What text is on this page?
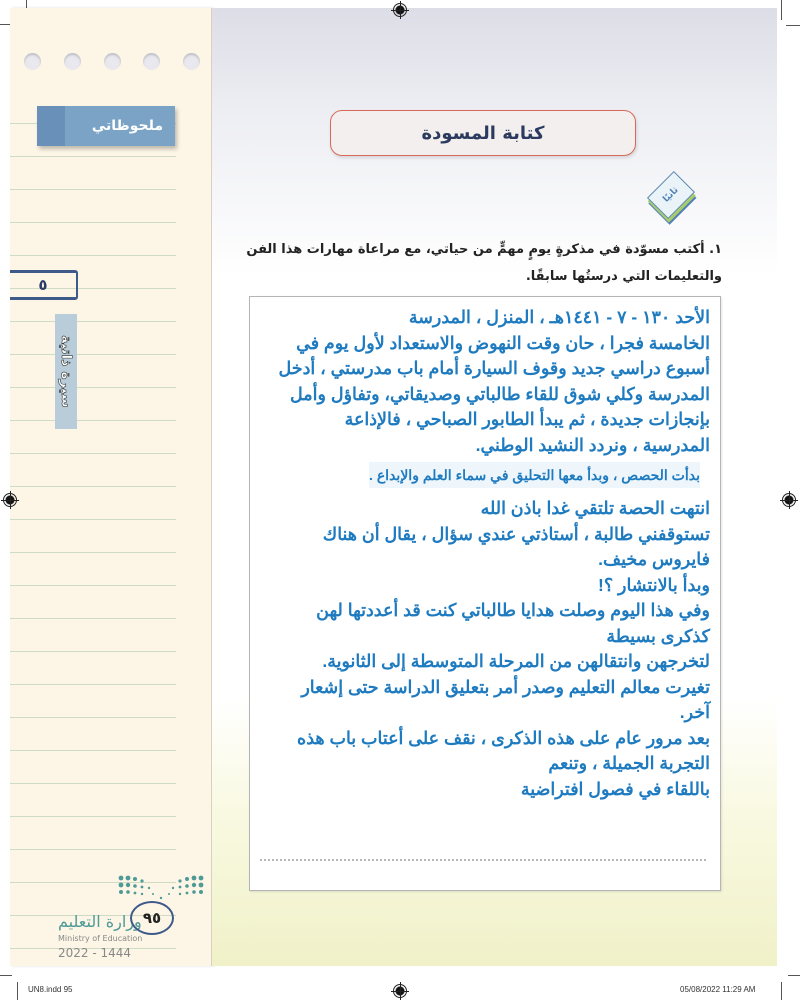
ملحوظاتي
٥
سيرة ذاتية
وزارة التعليم
Ministry of Education
2022 - 1444
٩٥
كتابة المسودة
ثانيًا
١. أكتب مسوّدة في مذكرةٍ يومٍ مهمٍّ من حياتي، مع مراعاة مهارات هذا الفن والتعليمات التي درستُها سابقًا.
الأحد ١٣٠ - ٧ - ١٤٤١هـ ، المنزل ، المدرسة
الخامسة فجرا ، حان وقت النهوض والاستعداد لأول يوم في
أسبوع دراسي جديد وقوف السيارة أمام باب مدرستي ، أدخل
المدرسة وكلي شوق للقاء طالباتي وصديقاتي، وتفاؤل وأمل
بإنجازات جديدة ، ثم يبدأ الطابور الصباحي ، فالإذاعة
المدرسية ، ونردد النشيد الوطني.
بدأت الحصص ، وبدأ معها التحليق في سماء العلم والإبداع .
انتهت الحصة تلتقي غدا باذن الله
تستوقفني طالبة ، أستاذتي عندي سؤال ، يقال أن هناك
فايروس مخيف.
وبدأ بالانتشار ؟!
وفي هذا اليوم وصلت هدايا طالباتي كنت قد أعددتها لهن
كذكرى بسيطة
لتخرجهن وانتقالهن من المرحلة المتوسطة إلى الثانوية.
تغيرت معالم التعليم وصدر أمر بتعليق الدراسة حتى إشعار
آخر.
بعد مرور عام على هذه الذكرى ، نقف على أعتاب باب هذه
التجربة الجميلة ، وتنعم
باللقاء في فصول افتراضية
UN8.indd 95	05/08/2022 11:29 AM
